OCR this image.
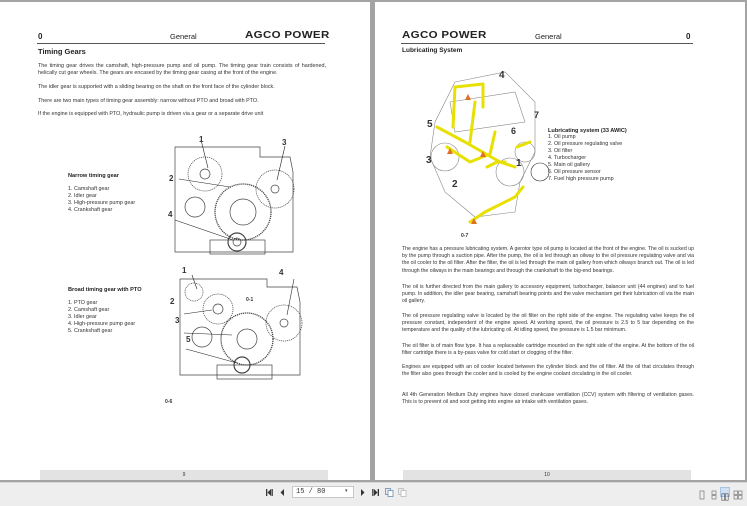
0	General	AGCO POWER
Timing Gears

The timing gear drives the camshaft, high-pressure pump and oil pump. The timing gear train consists of hardened, helically cut gear wheels. The gears are encased by the timing gear casing at the front of the engine.

The idler gear is supported with a sliding bearing on the shaft on the front face of the cylinder block.

There are two main types of timing gear assembly: narrow without PTO and broad with PTO.

If the engine is equipped with PTO, hydraulic pump is driven via a gear or a separate drive unit

Narrow timing gear
1. Camshaft gear
2. Idler gear
3. High-pressure pump gear
4. Crankshaft gear
1
2
3
4
Broad timing gear with PTO
1. PTO gear
2. Camshaft gear
3. Idler gear
4. High-pressure pump gear
5. Crankshaft gear
1
2
3
4
5
0-1
0-6
9
AGCO POWER	General	0
Lubricating System
4
5
7
6
3	1
2
0-7
Lubricating system (33 AWIC)
1. Oil pump
2. Oil pressure regulating valve
3. Oil filter
4. Turbocharger
5. Main oil gallery
6. Oil pressure sensor
7. Fuel high pressure pump

The engine has a pressure lubricating system. A gerotor type oil pump is located at the front of the engine. The oil is sucked up by the pump through a suction pipe. After the pump, the oil is led through an oilway to the oil pressure regulating valve and via the oil cooler to the oil filter. After the filter, the oil is led through the main oil gallery from which oilways branch out. The oil is led through the oilways in the main bearings and through the crankshaft to the big-end bearings.

The oil is further directed from the main gallery to accessory equipment, turbocharger, balancer unit (44 engines) and to fuel pump. In addition, the idler gear bearing, camshaft bearing points and the valve mechanism get their lubrication oil via the main oil gallery.

The oil pressure regulating valve is located by the oil filter on the right side of the engine. The regulating valve keeps the oil pressure constant, independent of the engine speed. At working speed, the oil pressure is 2.5 to 5 bar depending on the temperature and the quality of the lubricating oil. At idling speed, the pressure is 1.5 bar minimum.

The oil filter is of main flow type. It has a replaceable cartridge mounted on the right side of the engine. At the bottom of the oil filter cartridge there is a by-pass valve for cold start or clogging of the filter.

Engines are equipped with an oil cooler located between the cylinder block and the oil filter. All the oil that circulates through the filter also goes through the cooler and is cooled by the engine coolant circulating in the oil cooler.

All 4th Generation Medium Duty engines have closed crankcase ventilation (CCV) system with filtering of ventilation gases. This is to prevent oil and soot getting into engine air intake with ventilation gases.

10
15 / 80	▾
